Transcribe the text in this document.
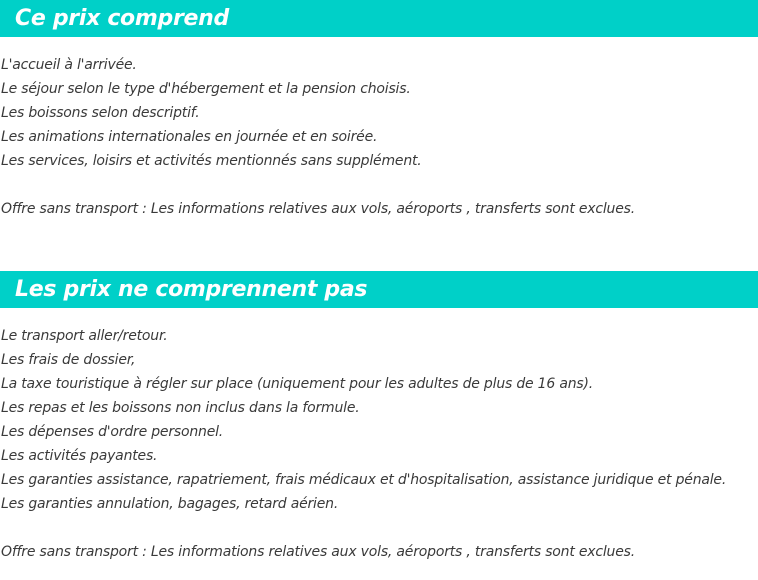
Ce prix comprend
L'accueil à l'arrivée.
Le séjour selon le type d'hébergement et la pension choisis.
Les boissons selon descriptif.
Les animations internationales en journée et en soirée.
Les services, loisirs et activités mentionnés sans supplément.
Offre sans transport : Les informations relatives aux vols, aéroports , transferts sont exclues.
Les prix ne comprennent pas
Le transport aller/retour.
Les frais de dossier,
La taxe touristique à régler sur place (uniquement pour les adultes de plus de 16 ans).
Les repas et les boissons non inclus dans la formule.
Les dépenses d'ordre personnel.
Les activités payantes.
Les garanties assistance, rapatriement, frais médicaux et d'hospitalisation, assistance juridique et pénale.
Les garanties annulation, bagages, retard aérien.
Offre sans transport : Les informations relatives aux vols, aéroports , transferts sont exclues.
